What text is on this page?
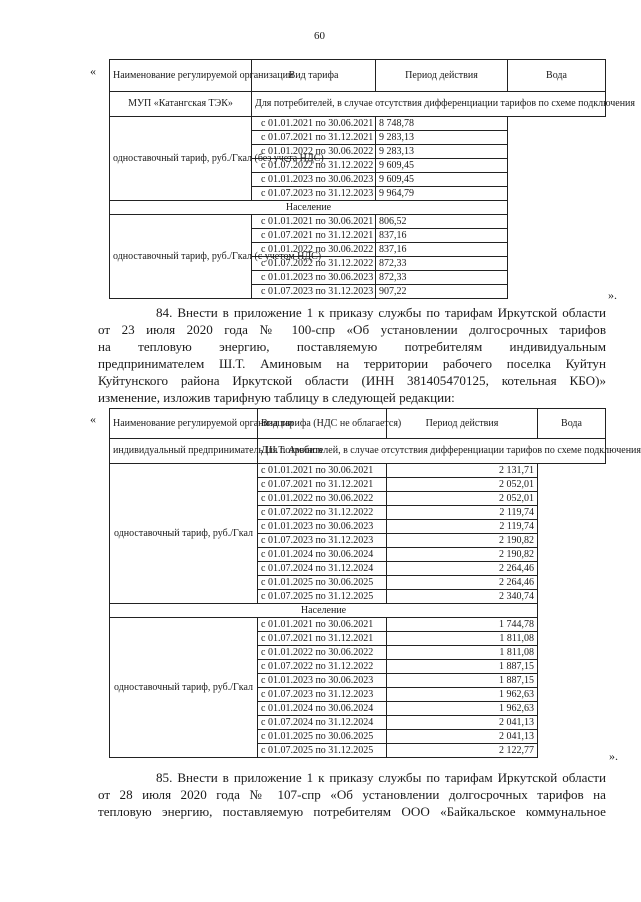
60
« Наименование регулируемой организации	Вид тарифа	Период действия	Вода
МУП «Катангская ТЭК»	Для потребителей, в случае отсутствия дифференциации тарифов по схеме подключения		
одноставочный тариф, руб./Гкал (без учета НДС)	с 01.01.2021 по 30.06.2021	8 748,78	
	с 01.07.2021 по 31.12.2021	9 283,13	
	с 01.01.2022 по 30.06.2022	9 283,13	
	с 01.07.2022 по 31.12.2022	9 609,45	
	с 01.01.2023 по 30.06.2023	9 609,45	
	с 01.07.2023 по 31.12.2023	9 964,79	
Население			
одноставочный тариф, руб./Гкал (с учетом НДС)	с 01.01.2021 по 30.06.2021	806,52	
	с 01.07.2021 по 31.12.2021	837,16	
	с 01.01.2022 по 30.06.2022	837,16	
	с 01.07.2022 по 31.12.2022	872,33	
	с 01.01.2023 по 30.06.2023	872,33	
	с 01.07.2023 по 31.12.2023	907,22		».
84. Внести в приложение 1 к приказу службы по тарифам Иркутской области
от 23 июля 2020 года № 100-спр «Об установлении долгосрочных тарифов
на тепловую энергию, поставляемую потребителям индивидуальным
предпринимателем Ш.Т. Аминовым на территории рабочего поселка Куйтун
Куйтунского района Иркутской области (ИНН 381405470125, котельная КБО)»
изменение, изложив тарифную таблицу в следующей редакции:
« Наименование регулируемой организации	Вид тарифа (НДС не облагается)	Период действия	Вода
индивидуальный предприниматель Ш.Т. Аминов	Для потребителей, в случае отсутствия дифференциации тарифов по схеме подключения		
одноставочный тариф, руб./Гкал	с 01.01.2021 по 30.06.2021	2 131,71	
	с 01.07.2021 по 31.12.2021	2 052,01	
	с 01.01.2022 по 30.06.2022	2 052,01	
	с 01.07.2022 по 31.12.2022	2 119,74	
	с 01.01.2023 по 30.06.2023	2 119,74	
	с 01.07.2023 по 31.12.2023	2 190,82	
	с 01.01.2024 по 30.06.2024	2 190,82	
	с 01.07.2024 по 31.12.2024	2 264,46	
	с 01.01.2025 по 30.06.2025	2 264,46	
	с 01.07.2025 по 31.12.2025	2 340,74	
Население			
одноставочный тариф, руб./Гкал	с 01.01.2021 по 30.06.2021	1 744,78	
	с 01.07.2021 по 31.12.2021	1 811,08	
	с 01.01.2022 по 30.06.2022	1 811,08	
	с 01.07.2022 по 31.12.2022	1 887,15	
	с 01.01.2023 по 30.06.2023	1 887,15	
	с 01.07.2023 по 31.12.2023	1 962,63	
	с 01.01.2024 по 30.06.2024	1 962,63	
	с 01.07.2024 по 31.12.2024	2 041,13	
	с 01.01.2025 по 30.06.2025	2 041,13	
	с 01.07.2025 по 31.12.2025	2 122,77		».
85. Внести в приложение 1 к приказу службы по тарифам Иркутской области
от 28 июля 2020 года № 107-спр «Об установлении долгосрочных тарифов на
тепловую энергию, поставляемую потребителям ООО «Байкальское коммунальное
